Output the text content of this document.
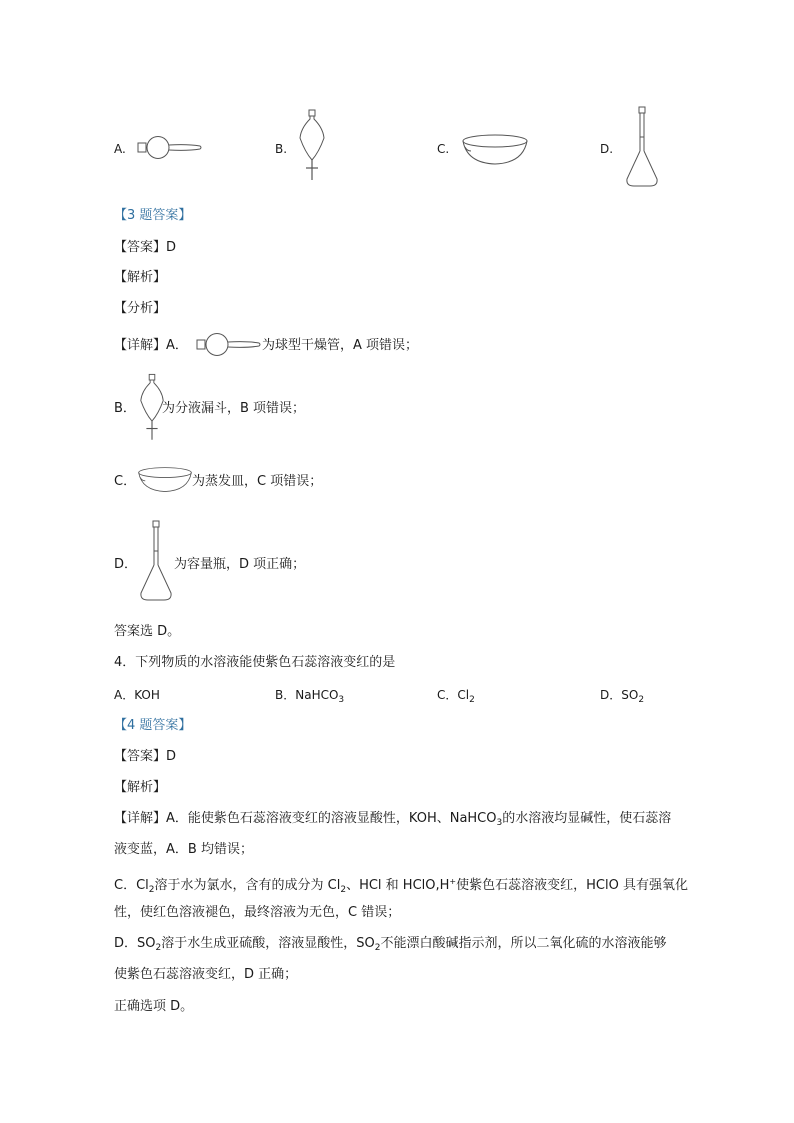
A.	B.	C.	D.
【3 题答案】
【答案】D
【解析】
【分析】
【详解】A．	为球型干燥管，A 项错误；
B． 为分液漏斗，B 项错误；
C．	为蒸发皿，C 项错误；
D．	为容量瓶，D 项正确；
答案选 D。
4．下列物质的水溶液能使紫色石蕊溶液变红的是
A．KOH	B．NaHCO$_3$	C．$Cl_2$	D．$SO_2$
【4 题答案】
【答案】D
【解析】
【详解】A．能使紫色石蕊溶液变红的溶液显酸性，KOH、NaHCO$_3$的水溶液均显碱性，使石蕊溶
液变蓝，A．B 均错误；
C．$Cl_2$溶于水为氯水，含有的成分为 $Cl_2$、HCl 和 HClO,H+使紫色石蕊溶液变红，HClO 具有强氧化
性，使红色溶液褪色，最终溶液为无色，C 错误；
D．$SO_2$溶于水生成亚硫酸，溶液显酸性，$SO_2$不能漂白酸碱指示剂，所以二氧化硫的水溶液能够
使紫色石蕊溶液变红，D 正确；
正确选项 D。
